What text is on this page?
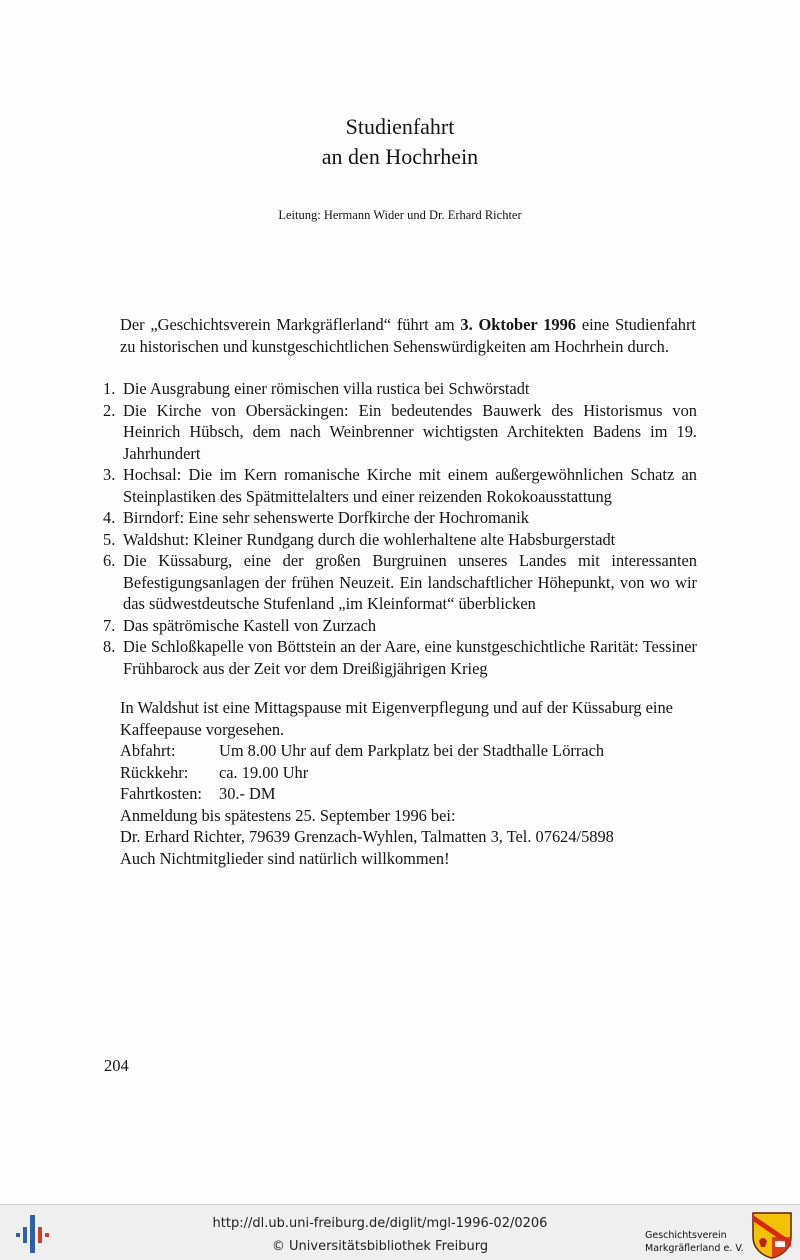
Studienfahrt
an den Hochrhein
Leitung: Hermann Wider und Dr. Erhard Richter

Der „Geschichtsverein Markgräflerland“ führt am 3. Oktober 1996 eine Studienfahrt zu historischen und kunstgeschichtlichen Sehenswürdigkeiten am Hochrhein durch.

1. Die Ausgrabung einer römischen villa rustica bei Schwörstadt
2. Die Kirche von Obersäckingen: Ein bedeutendes Bauwerk des Historismus von Heinrich Hübsch, dem nach Weinbrenner wichtigsten Architekten Badens im 19. Jahrhundert
3. Hochsal: Die im Kern romanische Kirche mit einem außergewöhnlichen Schatz an Steinplastiken des Spätmittelalters und einer reizenden Rokokoausstattung
4. Birndorf: Eine sehr sehenswerte Dorfkirche der Hochromanik
5. Waldshut: Kleiner Rundgang durch die wohlerhaltene alte Habsburgerstadt
6. Die Küssaburg, eine der großen Burgruinen unseres Landes mit interessanten Befestigungsanlagen der frühen Neuzeit. Ein landschaftlicher Höhepunkt, von wo wir das südwestdeutsche Stufenland „im Kleinformat“ überblicken
7. Das spätrömische Kastell von Zurzach
8. Die Schloßkapelle von Böttstein an der Aare, eine kunstgeschichtliche Rarität: Tessiner Frühbarock aus der Zeit vor dem Dreißigjährigen Krieg
In Waldshut ist eine Mittagspause mit Eigenverpflegung und auf der Küssaburg eine Kaffeepause vorgesehen.
Abfahrt:	Um 8.00 Uhr auf dem Parkplatz bei der Stadthalle Lörrach
Rückkehr:	ca. 19.00 Uhr
Fahrtkosten:	30.- DM
Anmeldung bis spätestens 25. September 1996 bei:
Dr. Erhard Richter, 79639 Grenzach-Wyhlen, Talmatten 3, Tel. 07624/5898
Auch Nichtmitglieder sind natürlich willkommen!
204
http://dl.ub.uni-freiburg.de/diglit/mgl-1996-02/0206
© Universitätsbibliothek Freiburg
Geschichtsverein
Markgräflerland e. V.
